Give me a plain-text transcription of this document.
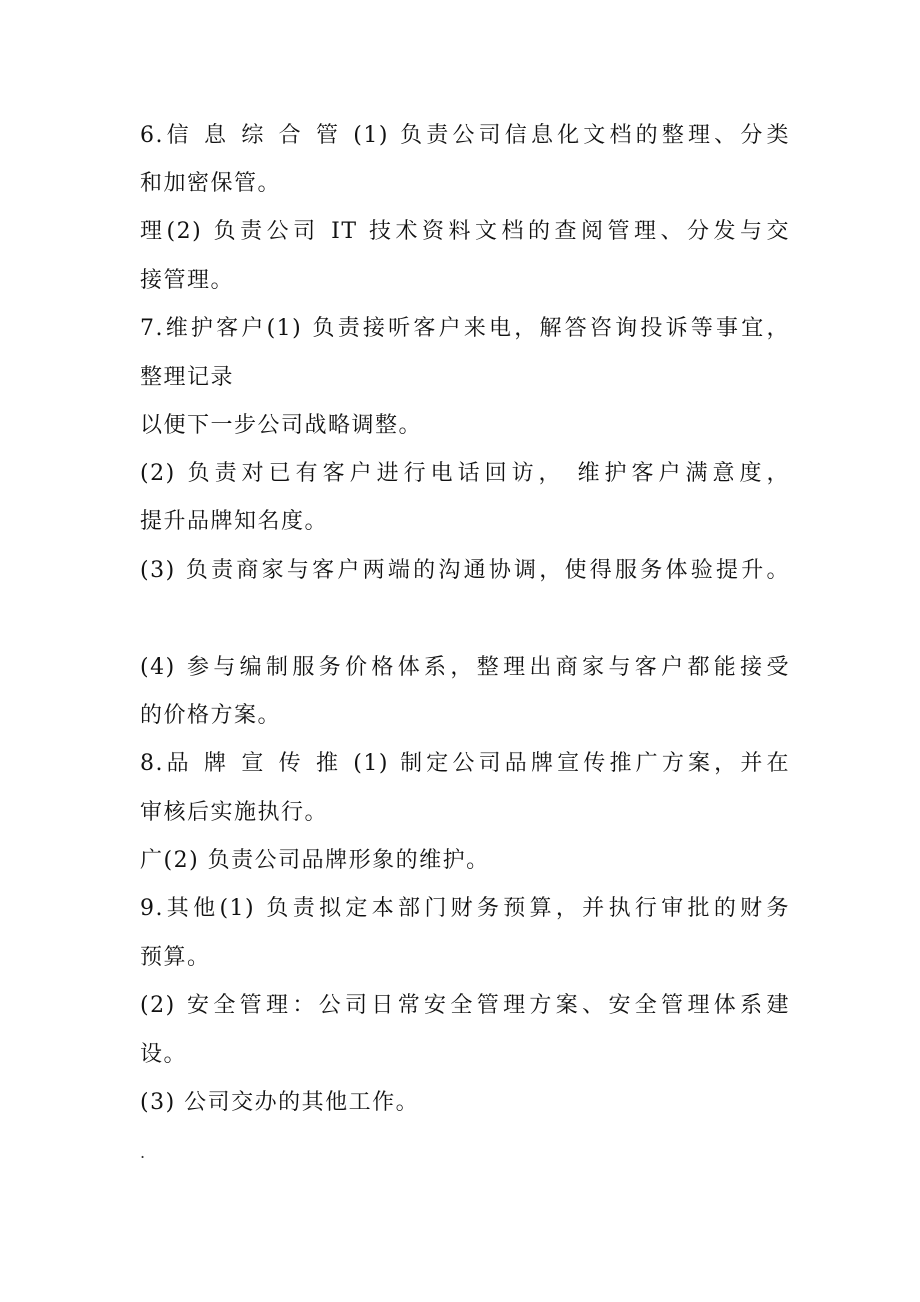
6.信 息 综 合 管 (1) 负责公司信息化文档的整理、分类
和加密保管。
理(2) 负责公司 IT 技术资料文档的查阅管理、分发与交
接管理。
7.维护客户(1) 负责接听客户来电，解答咨询投诉等事宜，
整理记录
以便下一步公司战略调整。
(2) 负责对已有客户进行电话回访， 维护客户满意度，
提升品牌知名度。
(3) 负责商家与客户两端的沟通协调，使得服务体验提升。
(4) 参与编制服务价格体系，整理出商家与客户都能接受
的价格方案。
8.品 牌 宣 传 推 (1) 制定公司品牌宣传推广方案，并在
审核后实施执行。
广(2) 负责公司品牌形象的维护。
9.其他(1) 负责拟定本部门财务预算，并执行审批的财务
预算。
(2) 安全管理：公司日常安全管理方案、安全管理体系建
设。
(3) 公司交办的其他工作。
.
